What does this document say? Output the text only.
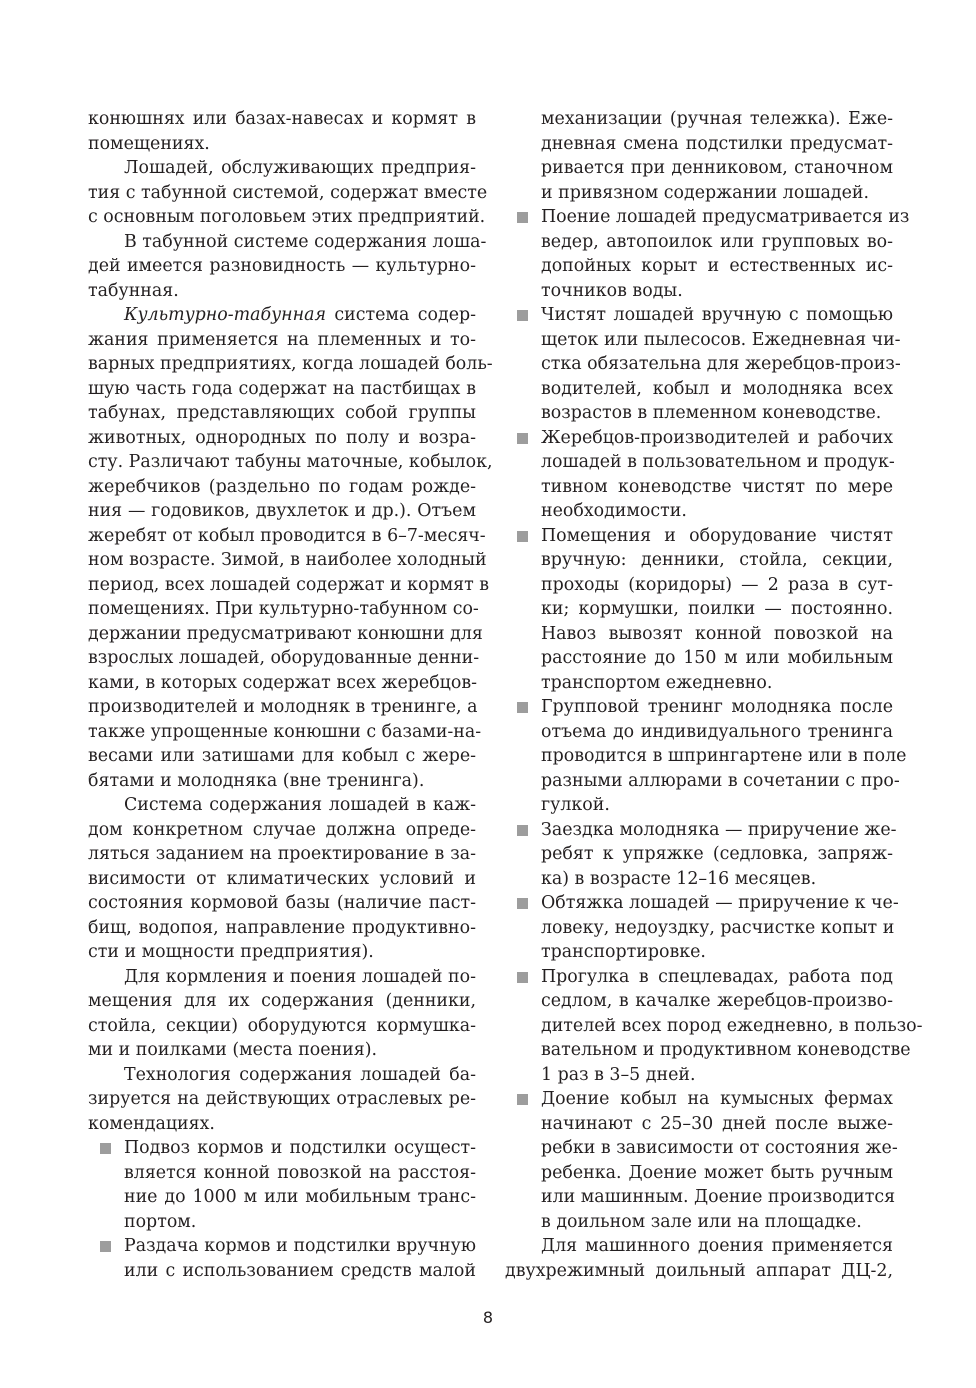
конюшнях или базах-навесах и кормят в
помещениях.

Лошадей, обслуживающих предприя-
тия с табунной системой, содержат вместе
с основным поголовьем этих предприятий.

В табунной системе содержания лоша-
дей имеется разновидность — культурно-
табунная.

Культурно-табунная система содер-
жания применяется на племенных и то-
варных предприятиях, когда лошадей боль-
шую часть года содержат на пастбищах в
табунах, представляющих собой группы
животных, однородных по полу и возра-
сту. Различают табуны маточные, кобылок,
жеребчиков (раздельно по годам рожде-
ния — годовиков, двухлеток и др.). Отъем
жеребят от кобыл проводится в 6–7-месяч-
ном возрасте. Зимой, в наиболее холодный
период, всех лошадей содержат и кормят в
помещениях. При культурно-табунном со-
держании предусматривают конюшни для
взрослых лошадей, оборудованные денни-
ками, в которых содержат всех жеребцов-
производителей и молодняк в тренинге, а
также упрощенные конюшни с базами-на-
весами или затишами для кобыл с жере-
бятами и молодняка (вне тренинга).

Система содержания лошадей в каж-
дом конкретном случае должна опреде-
ляться заданием на проектирование в за-
висимости от климатических условий и
состояния кормовой базы (наличие паст-
бищ, водопоя, направление продуктивно-
сти и мощности предприятия).

Для кормления и поения лошадей по-
мещения для их содержания (денники,
стойла, секции) оборудуются кормушка-
ми и поилками (места поения).

Технология содержания лошадей ба-
зируется на действующих отраслевых ре-
комендациях.

Подвоз кормов и подстилки осущест-
вляется конной повозкой на расстоя-
ние до 1000 м или мобильным транс-
портом.
Раздача кормов и подстилки вручную
или с использованием средств малой
механизации (ручная тележка). Еже-
дневная смена подстилки предусмат-
ривается при денниковом, станочном
и привязном содержании лошадей.
Поение лошадей предусматривается из
ведер, автопоилок или групповых во-
допойных корыт и естественных ис-
точников воды.
Чистят лошадей вручную с помощью
щеток или пылесосов. Ежедневная чи-
стка обязательна для жеребцов-произ-
водителей, кобыл и молодняка всех
возрастов в племенном коневодстве.
Жеребцов-производителей и рабочих
лошадей в пользовательном и продук-
тивном коневодстве чистят по мере
необходимости.
Помещения и оборудование чистят
вручную: денники, стойла, секции,
проходы (коридоры) — 2 раза в сут-
ки; кормушки, поилки — постоянно.
Навоз вывозят конной повозкой на
расстояние до 150 м или мобильным
транспортом ежедневно.
Групповой тренинг молодняка после
отъема до индивидуального тренинга
проводится в шпрингартене или в поле
разными аллюрами в сочетании с про-
гулкой.
Заездка молодняка — приручение же-
ребят к упряжке (седловка, запряж-
ка) в возрасте 12–16 месяцев.
Обтяжка лошадей — приручение к че-
ловеку, недоуздку, расчистке копыт и
транспортировке.
Прогулка в спецлевадах, работа под
седлом, в качалке жеребцов-произво-
дителей всех пород ежедневно, в пользо-
вательном и продуктивном коневодстве
1 раз в 3–5 дней.
Доение кобыл на кумысных фермах
начинают с 25–30 дней после выже-
ребки в зависимости от состояния же-
ребенка. Доение может быть ручным
или машинным. Доение производится
в доильном зале или на площадке.

Для машинного доения применяется
двухрежимный доильный аппарат ДЦ-2,

8
